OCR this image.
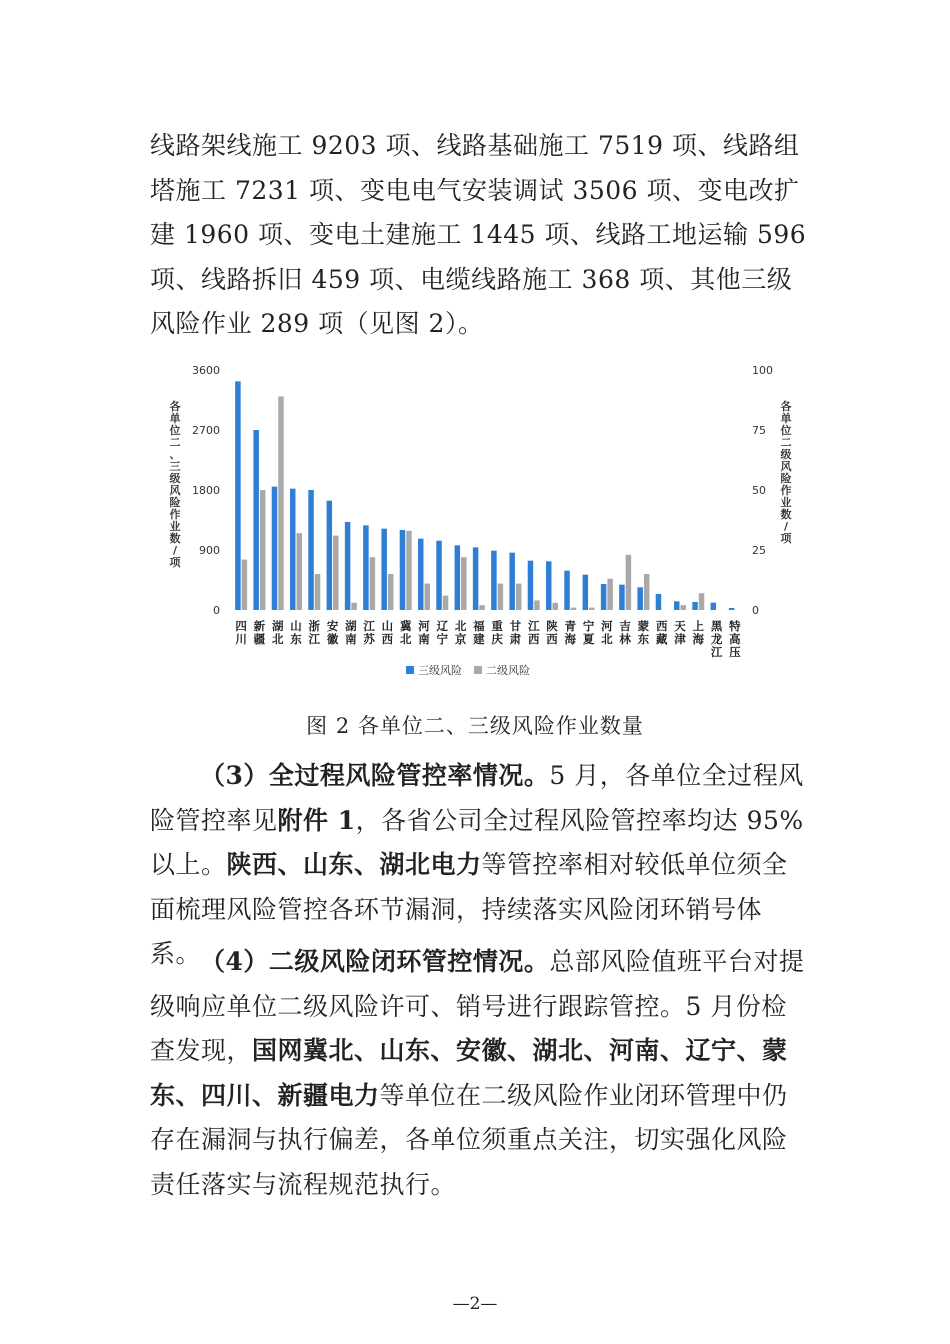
线路架线施工 9203 项、线路基础施工 7519 项、线路组塔施工 7231 项、变电电气安装调试 3506 项、变电改扩建 1960 项、变电土建施工 1445 项、线路工地运输 596 项、线路拆旧 459 项、电缆线路施工 368 项、其他三级风险作业 289 项（见图 2）。

0
900
1800
2700
3600
0
25
50
75
100
各单位二、三级风险作业数/项
各单位二级风险作业数/项
四川
新疆
湖北
山东
浙江
安徽
湖南
江苏
山西
冀北
河南
辽宁
北京
福建
重庆
甘肃
江西
陕西
青海
宁夏
河北
吉林
蒙东
西藏
天津
上海
黑龙江
特高压
三级风险 二级风险
图 2 各单位二、三级风险作业数量

（3）全过程风险管控率情况。5 月，各单位全过程风险管控率见附件 1，各省公司全过程风险管控率均达 95% 以上。陕西、山东、湖北电力等管控率相对较低单位须全面梳理风险管控各环节漏洞，持续落实风险闭环销号体系。

（4）二级风险闭环管控情况。总部风险值班平台对提级响应单位二级风险许可、销号进行跟踪管控。5 月份检查发现，国网冀北、山东、安徽、湖北、河南、辽宁、蒙东、四川、新疆电力等单位在二级风险作业闭环管理中仍存在漏洞与执行偏差，各单位须重点关注，切实强化风险责任落实与流程规范执行。

—2—
